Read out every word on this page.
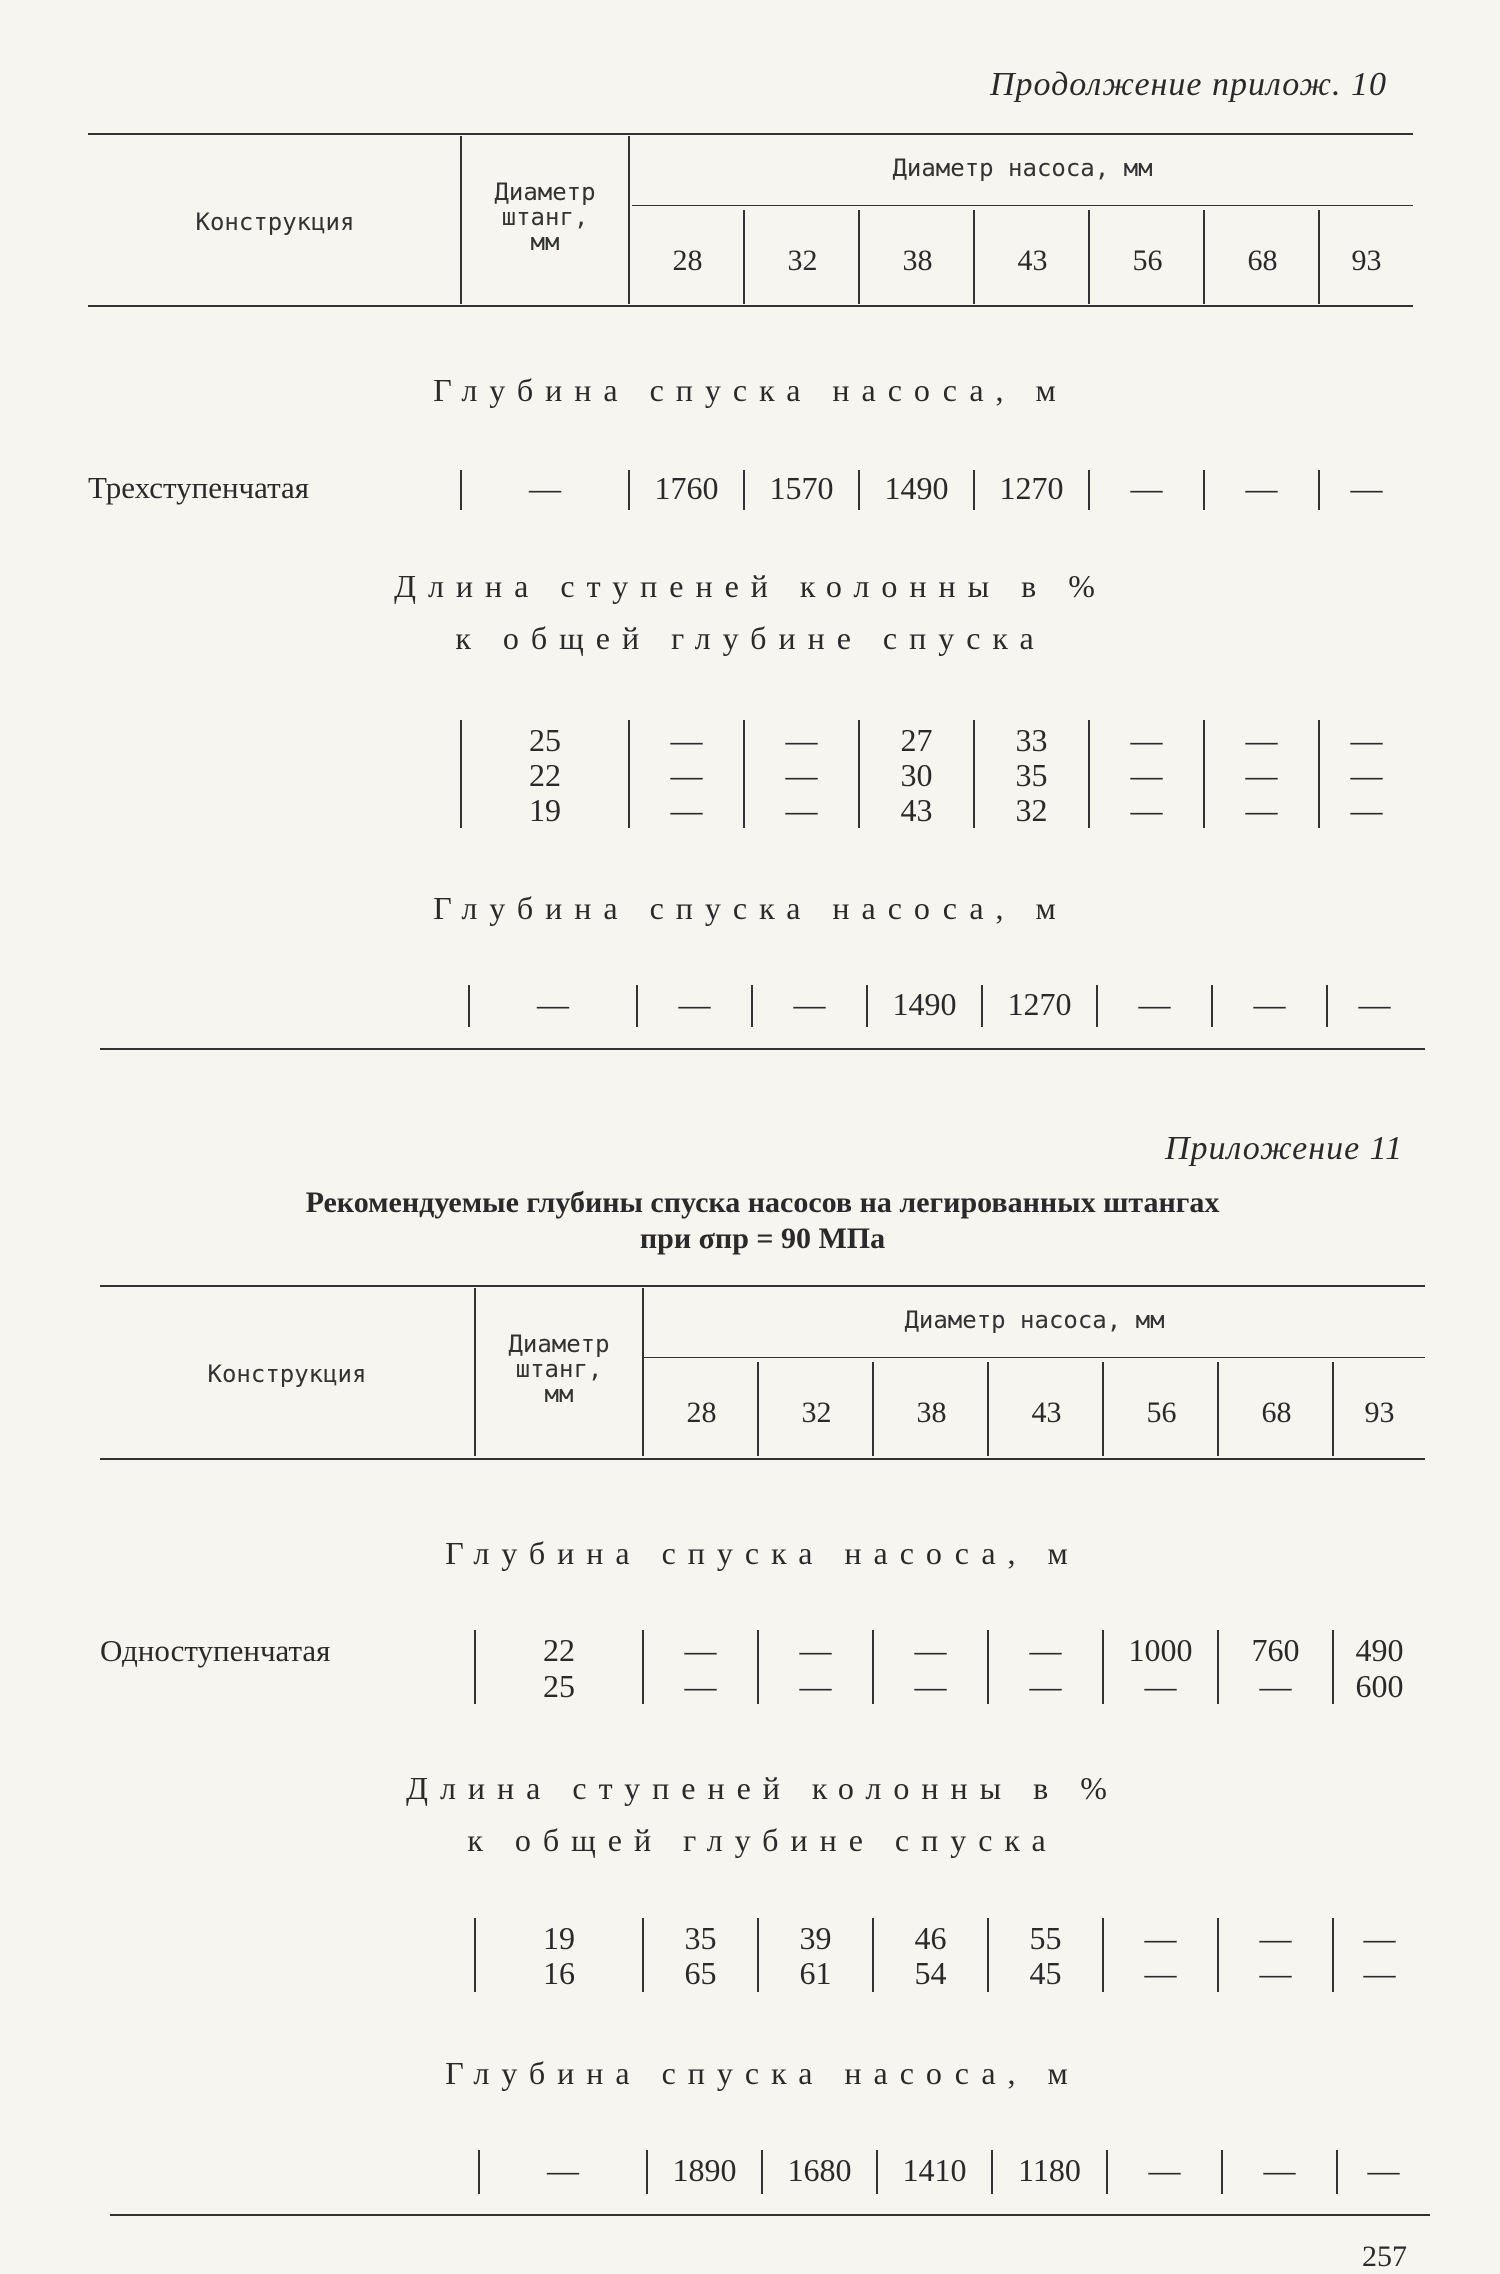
Продолжение прилож. 10
Конструкция
Диаметр
штанг,
мм
Диаметр насоса, мм
28	32	38	43	56	68	93
Глубина спуска насоса, м
Трехступенчатая	—	1760	1570	1490	1270	—	—	—
Длина ступеней колонны в %
к общей глубине спуска
25	—	—	27	33	—	—	—
22	—	—	30	35	—	—	—
19	—	—	43	32	—	—	—
Глубина спуска насоса, м
—	—	—	1490	1270	—	—	—
Приложение 11
Рекомендуемые глубины спуска насосов на легированных штангах
при σпр = 90 МПа
Конструкция
Диаметр
штанг,
мм
Диаметр насоса, мм
28	32	38	43	56	68	93
Глубина спуска насоса, м
Одноступенчатая	22	—	—	—	—	1000	760	490
25	—	—	—	—	—	—	600
Длина ступеней колонны в %
к общей глубине спуска
19	35	39	46	55	—	—	—
16	65	61	54	45	—	—	—
Глубина спуска насоса, м
—	1890	1680	1410	1180	—	—	—
257
